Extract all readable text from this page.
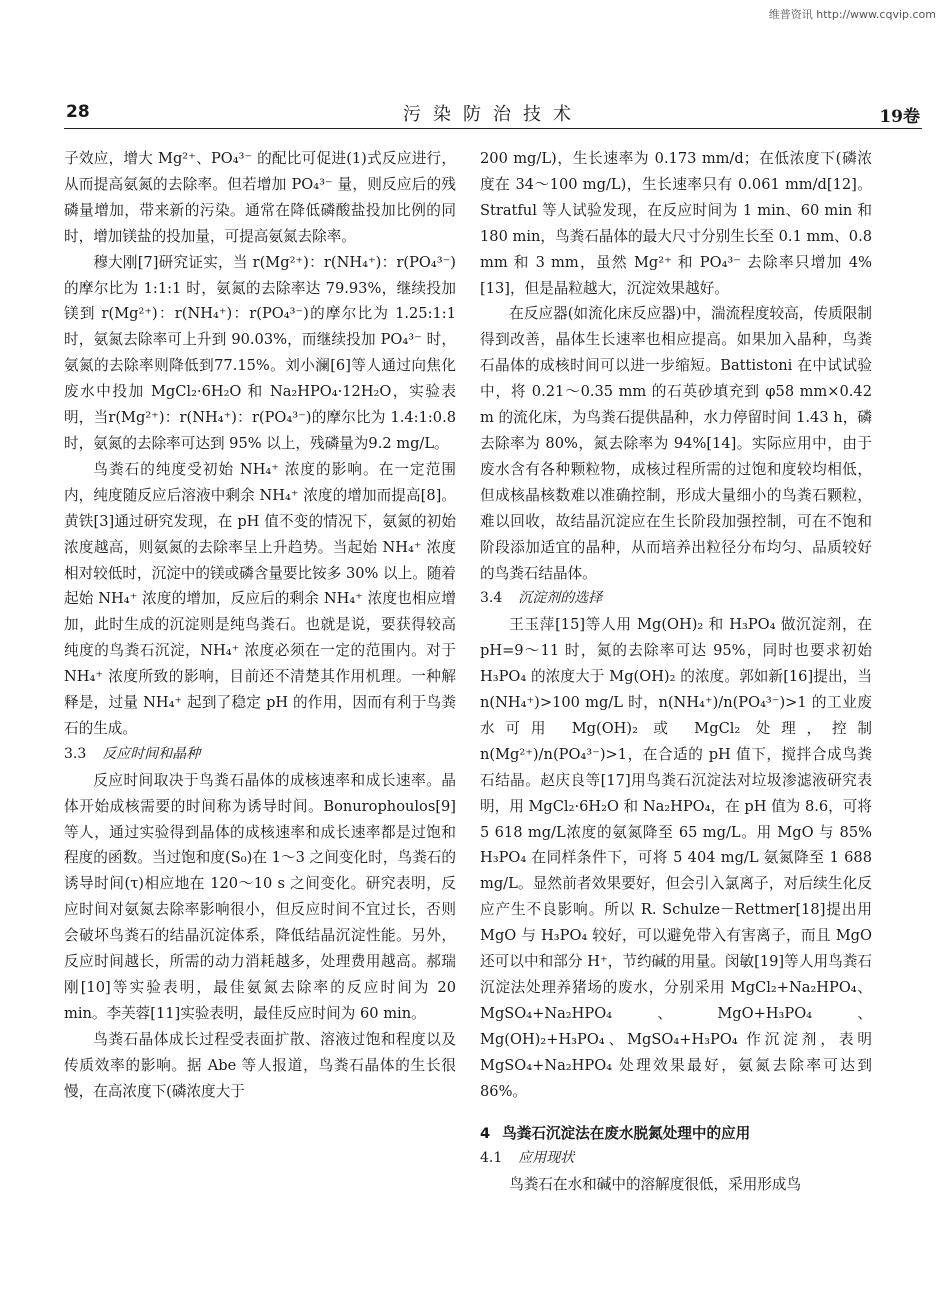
维普资讯 http://www.cqvip.com
28	污染防治技术	19卷

子效应，增大 Mg²⁺、PO₄³⁻ 的配比可促进(1)式反应进行，从而提高氨氮的去除率。但若增加 PO₄³⁻ 量，则反应后的残磷量增加，带来新的污染。通常在降低磷酸盐投加比例的同时，增加镁盐的投加量，可提高氨氮去除率。

穆大刚[7]研究证实，当 r(Mg²⁺)：r(NH₄⁺)：r(PO₄³⁻)的摩尔比为 1:1:1 时，氨氮的去除率达 79.93%，继续投加镁到 r(Mg²⁺)：r(NH₄⁺)：r(PO₄³⁻)的摩尔比为 1.25:1:1 时，氨氮去除率可上升到 90.03%，而继续投加 PO₄³⁻ 时，氨氮的去除率则降低到77.15%。刘小澜[6]等人通过向焦化废水中投加 MgCl₂·6H₂O 和 Na₂HPO₄·12H₂O，实验表明，当r(Mg²⁺)：r(NH₄⁺)：r(PO₄³⁻)的摩尔比为 1.4:1:0.8 时，氨氮的去除率可达到 95% 以上，残磷量为9.2 mg/L。

鸟粪石的纯度受初始 NH₄⁺ 浓度的影响。在一定范围内，纯度随反应后溶液中剩余 NH₄⁺ 浓度的增加而提高[8]。黄铁[3]通过研究发现，在 pH 值不变的情况下，氨氮的初始浓度越高，则氨氮的去除率呈上升趋势。当起始 NH₄⁺ 浓度相对较低时，沉淀中的镁或磷含量要比铵多 30% 以上。随着起始 NH₄⁺ 浓度的增加，反应后的剩余 NH₄⁺ 浓度也相应增加，此时生成的沉淀则是纯鸟粪石。也就是说，要获得较高纯度的鸟粪石沉淀，NH₄⁺ 浓度必须在一定的范围内。对于 NH₄⁺ 浓度所致的影响，目前还不清楚其作用机理。一种解释是，过量 NH₄⁺ 起到了稳定 pH 的作用，因而有利于鸟粪石的生成。

3.3 反应时间和晶种

反应时间取决于鸟粪石晶体的成核速率和成长速率。晶体开始成核需要的时间称为诱导时间。Bonurophoulos[9]等人，通过实验得到晶体的成核速率和成长速率都是过饱和程度的函数。当过饱和度(S₀)在 1～3 之间变化时，鸟粪石的诱导时间(τ)相应地在 120～10 s 之间变化。研究表明，反应时间对氨氮去除率影响很小，但反应时间不宜过长，否则会破坏鸟粪石的结晶沉淀体系，降低结晶沉淀性能。另外，反应时间越长，所需的动力消耗越多，处理费用越高。郝瑞刚[10]等实验表明，最佳氨氮去除率的反应时间为 20 min。李芙蓉[11]实验表明，最佳反应时间为 60 min。

鸟粪石晶体成长过程受表面扩散、溶液过饱和程度以及传质效率的影响。据 Abe 等人报道，鸟粪石晶体的生长很慢，在高浓度下(磷浓度大于

200 mg/L)，生长速率为 0.173 mm/d；在低浓度下(磷浓度在 34～100 mg/L)，生长速率只有 0.061 mm/d[12]。Stratful 等人试验发现，在反应时间为 1 min、60 min 和 180 min，鸟粪石晶体的最大尺寸分别生长至 0.1 mm、0.8 mm 和 3 mm，虽然 Mg²⁺ 和 PO₄³⁻ 去除率只增加 4%[13]，但是晶粒越大，沉淀效果越好。

在反应器(如流化床反应器)中，湍流程度较高，传质限制得到改善，晶体生长速率也相应提高。如果加入晶种，鸟粪石晶体的成核时间可以进一步缩短。Battistoni 在中试试验中，将 0.21～0.35 mm 的石英砂填充到 φ58 mm×0.42 m 的流化床，为鸟粪石提供晶种，水力停留时间 1.43 h，磷去除率为 80%，氮去除率为 94%[14]。实际应用中，由于废水含有各种颗粒物，成核过程所需的过饱和度较均相低，但成核晶核数难以准确控制，形成大量细小的鸟粪石颗粒，难以回收，故结晶沉淀应在生长阶段加强控制，可在不饱和阶段添加适宜的晶种，从而培养出粒径分布均匀、品质较好的鸟粪石结晶体。

3.4 沉淀剂的选择

王玉萍[15]等人用 Mg(OH)₂ 和 H₃PO₄ 做沉淀剂，在 pH=9～11 时，氮的去除率可达 95%，同时也要求初始 H₃PO₄ 的浓度大于 Mg(OH)₂ 的浓度。郭如新[16]提出，当 n(NH₄⁺)>100 mg/L 时，n(NH₄⁺)/n(PO₄³⁻)>1 的工业废水可用 Mg(OH)₂ 或 MgCl₂ 处理，控制 n(Mg²⁺)/n(PO₄³⁻)>1，在合适的 pH 值下，搅拌合成鸟粪石结晶。赵庆良等[17]用鸟粪石沉淀法对垃圾渗滤液研究表明，用 MgCl₂·6H₂O 和 Na₂HPO₄，在 pH 值为 8.6，可将 5 618 mg/L浓度的氨氮降至 65 mg/L。用 MgO 与 85% H₃PO₄ 在同样条件下，可将 5 404 mg/L 氨氮降至 1 688 mg/L。显然前者效果要好，但会引入氯离子，对后续生化反应产生不良影响。所以 R. Schulze－Rettmer[18]提出用 MgO 与 H₃PO₄ 较好，可以避免带入有害离子，而且 MgO 还可以中和部分 H⁺，节约碱的用量。闵敏[19]等人用鸟粪石沉淀法处理养猪场的废水，分别采用 MgCl₂+Na₂HPO₄、MgSO₄+Na₂HPO₄、MgO+H₃PO₄、Mg(OH)₂+H₃PO₄、MgSO₄+H₃PO₄ 作沉淀剂，表明 MgSO₄+Na₂HPO₄ 处理效果最好，氨氮去除率可达到 86%。

4 鸟粪石沉淀法在废水脱氮处理中的应用
4.1 应用现状

鸟粪石在水和碱中的溶解度很低，采用形成鸟
